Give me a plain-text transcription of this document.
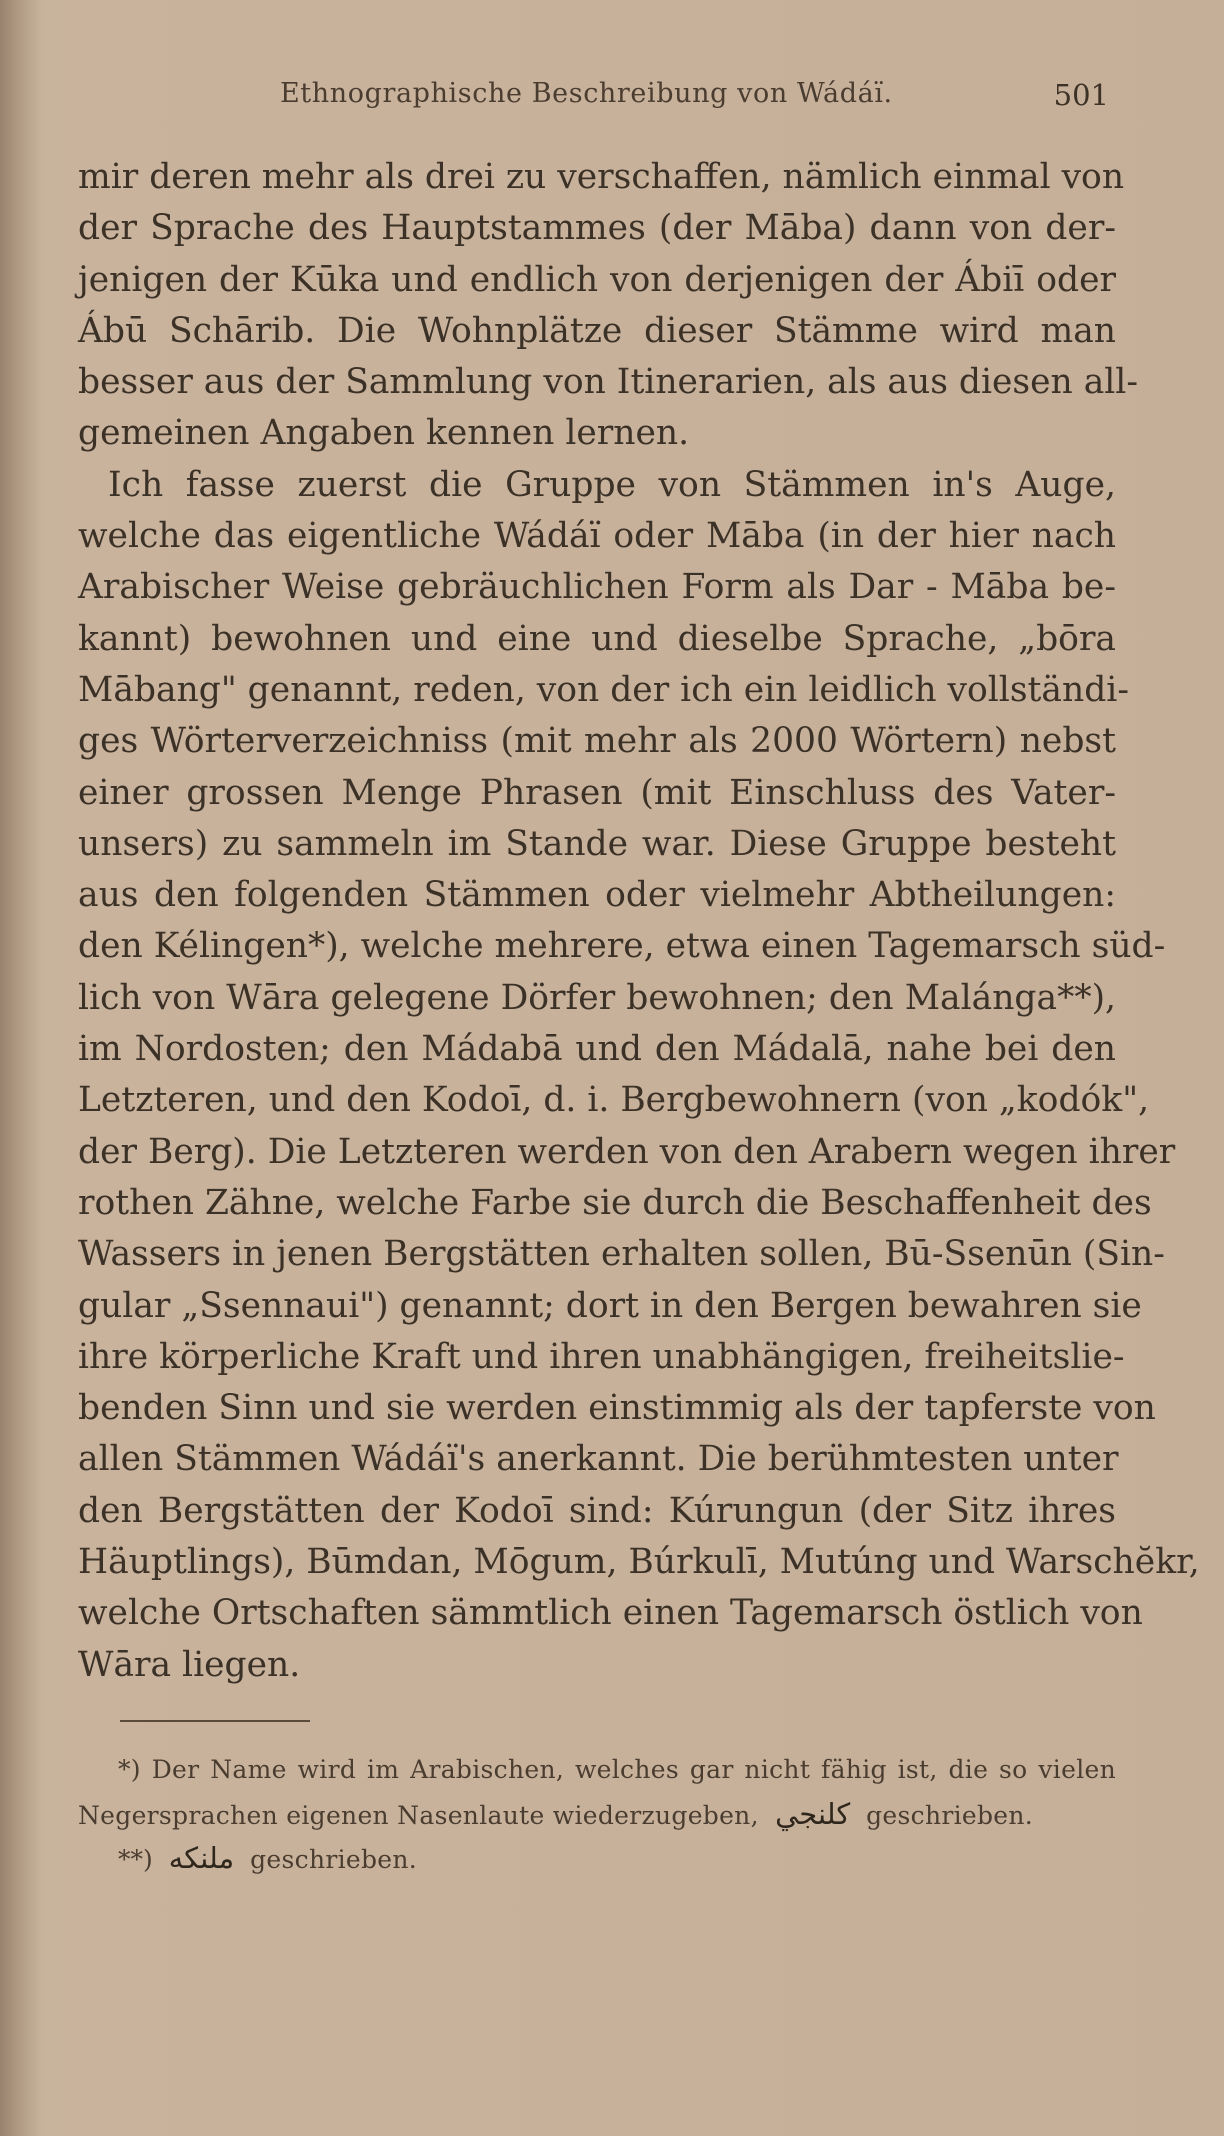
Ethnographische Beschreibung von Wádáï.	501
mir deren mehr als drei zu verschaffen, nämlich einmal von
der Sprache des Hauptstammes (der Māba) dann von der-
jenigen der Kūka und endlich von derjenigen der Ábiī oder
Ábū Schārib. Die Wohnplätze dieser Stämme wird man
besser aus der Sammlung von Itinerarien, als aus diesen all-
gemeinen Angaben kennen lernen.
Ich fasse zuerst die Gruppe von Stämmen in's Auge,
welche das eigentliche Wádáï oder Māba (in der hier nach
Arabischer Weise gebräuchlichen Form als Dar - Māba be-
kannt) bewohnen und eine und dieselbe Sprache, „bōra
Mābang" genannt, reden, von der ich ein leidlich vollständi-
ges Wörterverzeichniss (mit mehr als 2000 Wörtern) nebst
einer grossen Menge Phrasen (mit Einschluss des Vater-
unsers) zu sammeln im Stande war. Diese Gruppe besteht
aus den folgenden Stämmen oder vielmehr Abtheilungen:
den Kélingen*), welche mehrere, etwa einen Tagemarsch süd-
lich von Wāra gelegene Dörfer bewohnen; den Malánga**),
im Nordosten; den Mádabā und den Mádalā, nahe bei den
Letzteren, und den Kodoī, d. i. Bergbewohnern (von „kodók",
der Berg). Die Letzteren werden von den Arabern wegen ihrer
rothen Zähne, welche Farbe sie durch die Beschaffenheit des
Wassers in jenen Bergstätten erhalten sollen, Bū-Ssenūn (Sin-
gular „Ssennaui") genannt; dort in den Bergen bewahren sie
ihre körperliche Kraft und ihren unabhängigen, freiheitslie-
benden Sinn und sie werden einstimmig als der tapferste von
allen Stämmen Wádáï's anerkannt. Die berühmtesten unter
den Bergstätten der Kodoī sind: Kúrungun (der Sitz ihres
Häuptlings), Būmdan, Mōgum, Búrkulī, Mutúng und Warschĕkr,
welche Ortschaften sämmtlich einen Tagemarsch östlich von
Wāra liegen.
*) Der Name wird im Arabischen, welches gar nicht fähig ist, die so vielen
Negersprachen eigenen Nasenlaute wiederzugeben, كلنجي geschrieben.
**) ملنكه geschrieben.
